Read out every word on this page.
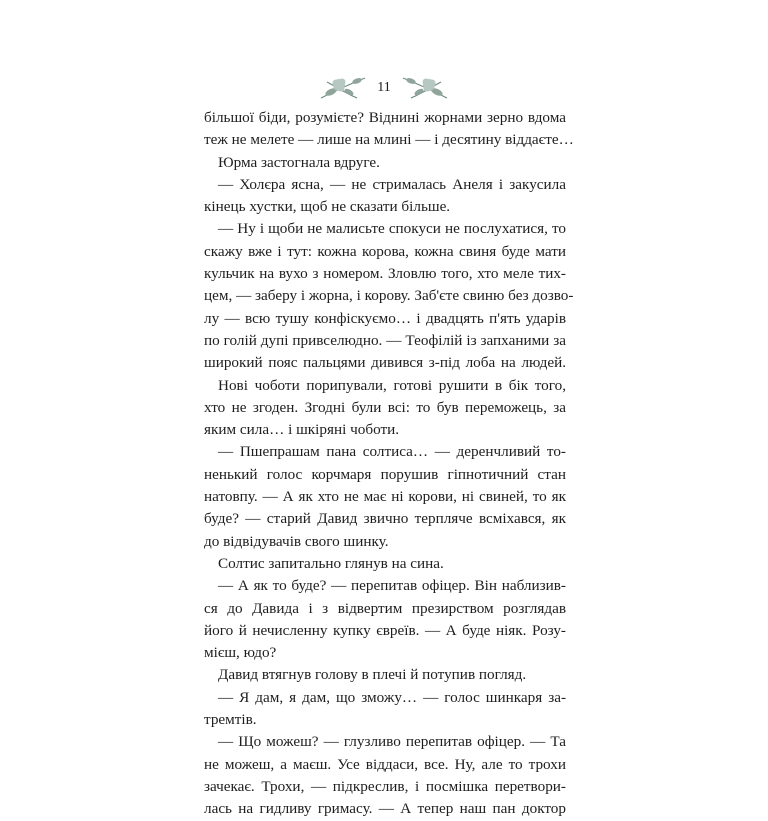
11
більшої біди, розумієте? Віднині жорнами зерно вдома
теж не мелете — лише на млині — і десятину віддаєте…
Юрма застогнала вдруге.
— Холєра ясна, — не стрималась Анеля і закусила
кінець хустки, щоб не сказати більше.
— Ну і щоби не малисьте спокуси не послухатися, то
скажу вже і тут: кожна корова, кожна свиня буде мати
кульчик на вухо з номером. Зловлю того, хто меле тих-
цем, — заберу і жорна, і корову. Заб'єте свиню без дозво-
лу — всю тушу конфіскуємо… і двадцять п'ять ударів
по голій дупі привселюдно. — Теофілій із запханими за
широкий пояс пальцями дивився з-під лоба на людей.
Нові чоботи порипували, готові рушити в бік того,
хто не згоден. Згодні були всі: то був переможець, за
яким сила… і шкіряні чоботи.
— Пшепрашам пана солтиса… — деренчливий то-
ненький голос корчмаря порушив гіпнотичний стан
натовпу. — А як хто не має ні корови, ні свиней, то як
буде? — старий Давид звично терпляче всміхався, як
до відвідувачів свого шинку.
Солтис запитально глянув на сина.
— А як то буде? — перепитав офіцер. Він наблизив-
ся до Давида і з відвертим презирством розглядав
його й нечисленну купку євреїв. — А буде ніяк. Розу-
мієш, юдо?
Давид втягнув голову в плечі й потупив погляд.
— Я дам, я дам, що зможу… — голос шинкаря за-
тремтів.
— Що можеш? — глузливо перепитав офіцер. — Та
не можеш, а маєш. Усе віддаси, все. Ну, але то трохи
зачекає. Трохи, — підкреслив, і посмішка перетвори-
лась на гидливу гримасу. — А тепер наш пан доктор
